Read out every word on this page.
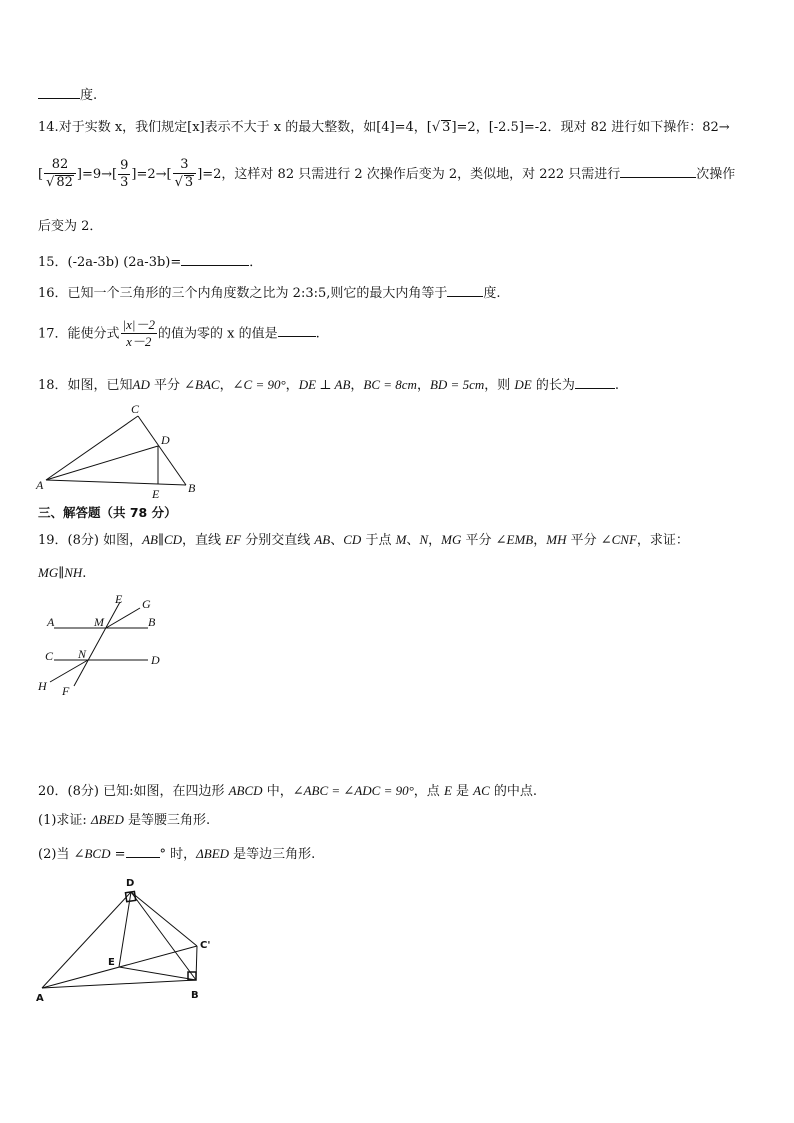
度.
14.对于实数 x，我们规定[x]表示不大于 x 的最大整数，如[4]=4，[√ 3]=2，[-2.5]=-2．现对 82 进行如下操作：82→
[ $\frac{82}{√ 82} ]=9\to[ \frac{9}{3} ]=2\to[ \frac{3}{√ 3} ]=2$，这样对 82 只需进行 2 次操作后变为 2，类似地，对 222 只需进行	次操作
后变为 2．
15．(-2a-3b) (2a-3b)=	．
16．已知一个三角形的三个内角度数之比为 2:3:5,则它的最大内角等于	度.
17．能使分式 $\frac{|x|-2}{x-2}$ 的值为零的 x 的值是	.
18．如图，已知AD 平分 ∠BAC，∠C = 90°，DE ⊥ AB，BC = 8cm，BD = 5cm，则 DE 的长为	.
A	B
C
D
E
三、解答题（共 78 分）
19．(8分) 如图，AB∥CD，直线 EF 分别交直线 AB、CD 于点 M、N，MG 平分 ∠EMB，MH 平分 ∠CNF，求证：
MG∥NH.
A	B
C	D
E
F
G
H
M
N
20．(8分) 已知:如图，在四边形 ABCD 中，∠ABC = ∠ADC = 90°，点 E 是 AC 的中点.
(1)求证: ΔBED 是等腰三角形.
(2)当 ∠BCD =	° 时，ΔBED 是等边三角形.
A	B
C'
D
E
